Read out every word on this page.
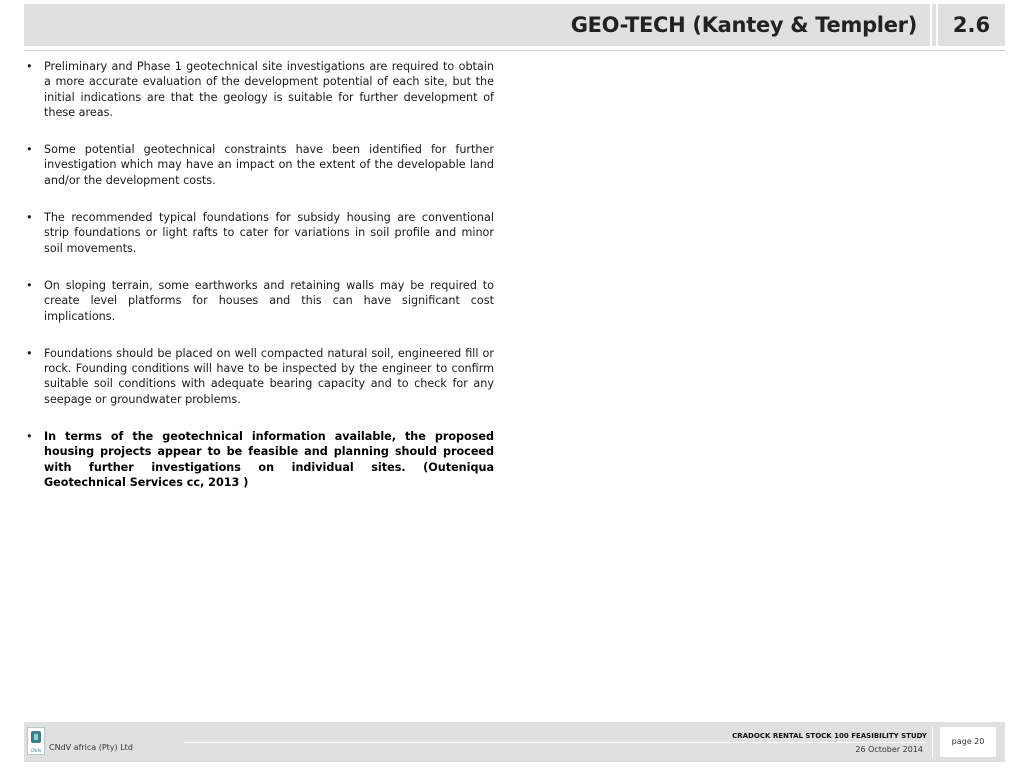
GEO-TECH (Kantey & Templer)	2.6
•	Preliminary and Phase 1 geotechnical site investigations are required to obtain a more accurate evaluation of the development potential of each site, but the initial indications are that the geology is suitable for further development of these areas.
•	Some potential geotechnical constraints have been identified for further investigation which may have an impact on the extent of the developable land and/or the development costs.
•	The recommended typical foundations for subsidy housing are conventional strip foundations or light rafts to cater for variations in soil profile and minor soil movements.
•	On sloping terrain, some earthworks and retaining walls may be required to create level platforms for houses and this can have significant cost implications.
•	Foundations should be placed on well compacted natural soil, engineered fill or rock. Founding conditions will have to be inspected by the engineer to confirm suitable soil conditions with adequate bearing capacity and to check for any seepage or groundwater problems.
•	In terms of the geotechnical information available, the proposed housing projects appear to be feasible and planning should proceed with further investigations on individual sites. (Outeniqua Geotechnical Services cc, 2013 )
CNdV CNdV africa (Pty) Ltd
CRADOCK RENTAL STOCK 100 FEASIBILITY STUDY
26 October 2014
page 20
